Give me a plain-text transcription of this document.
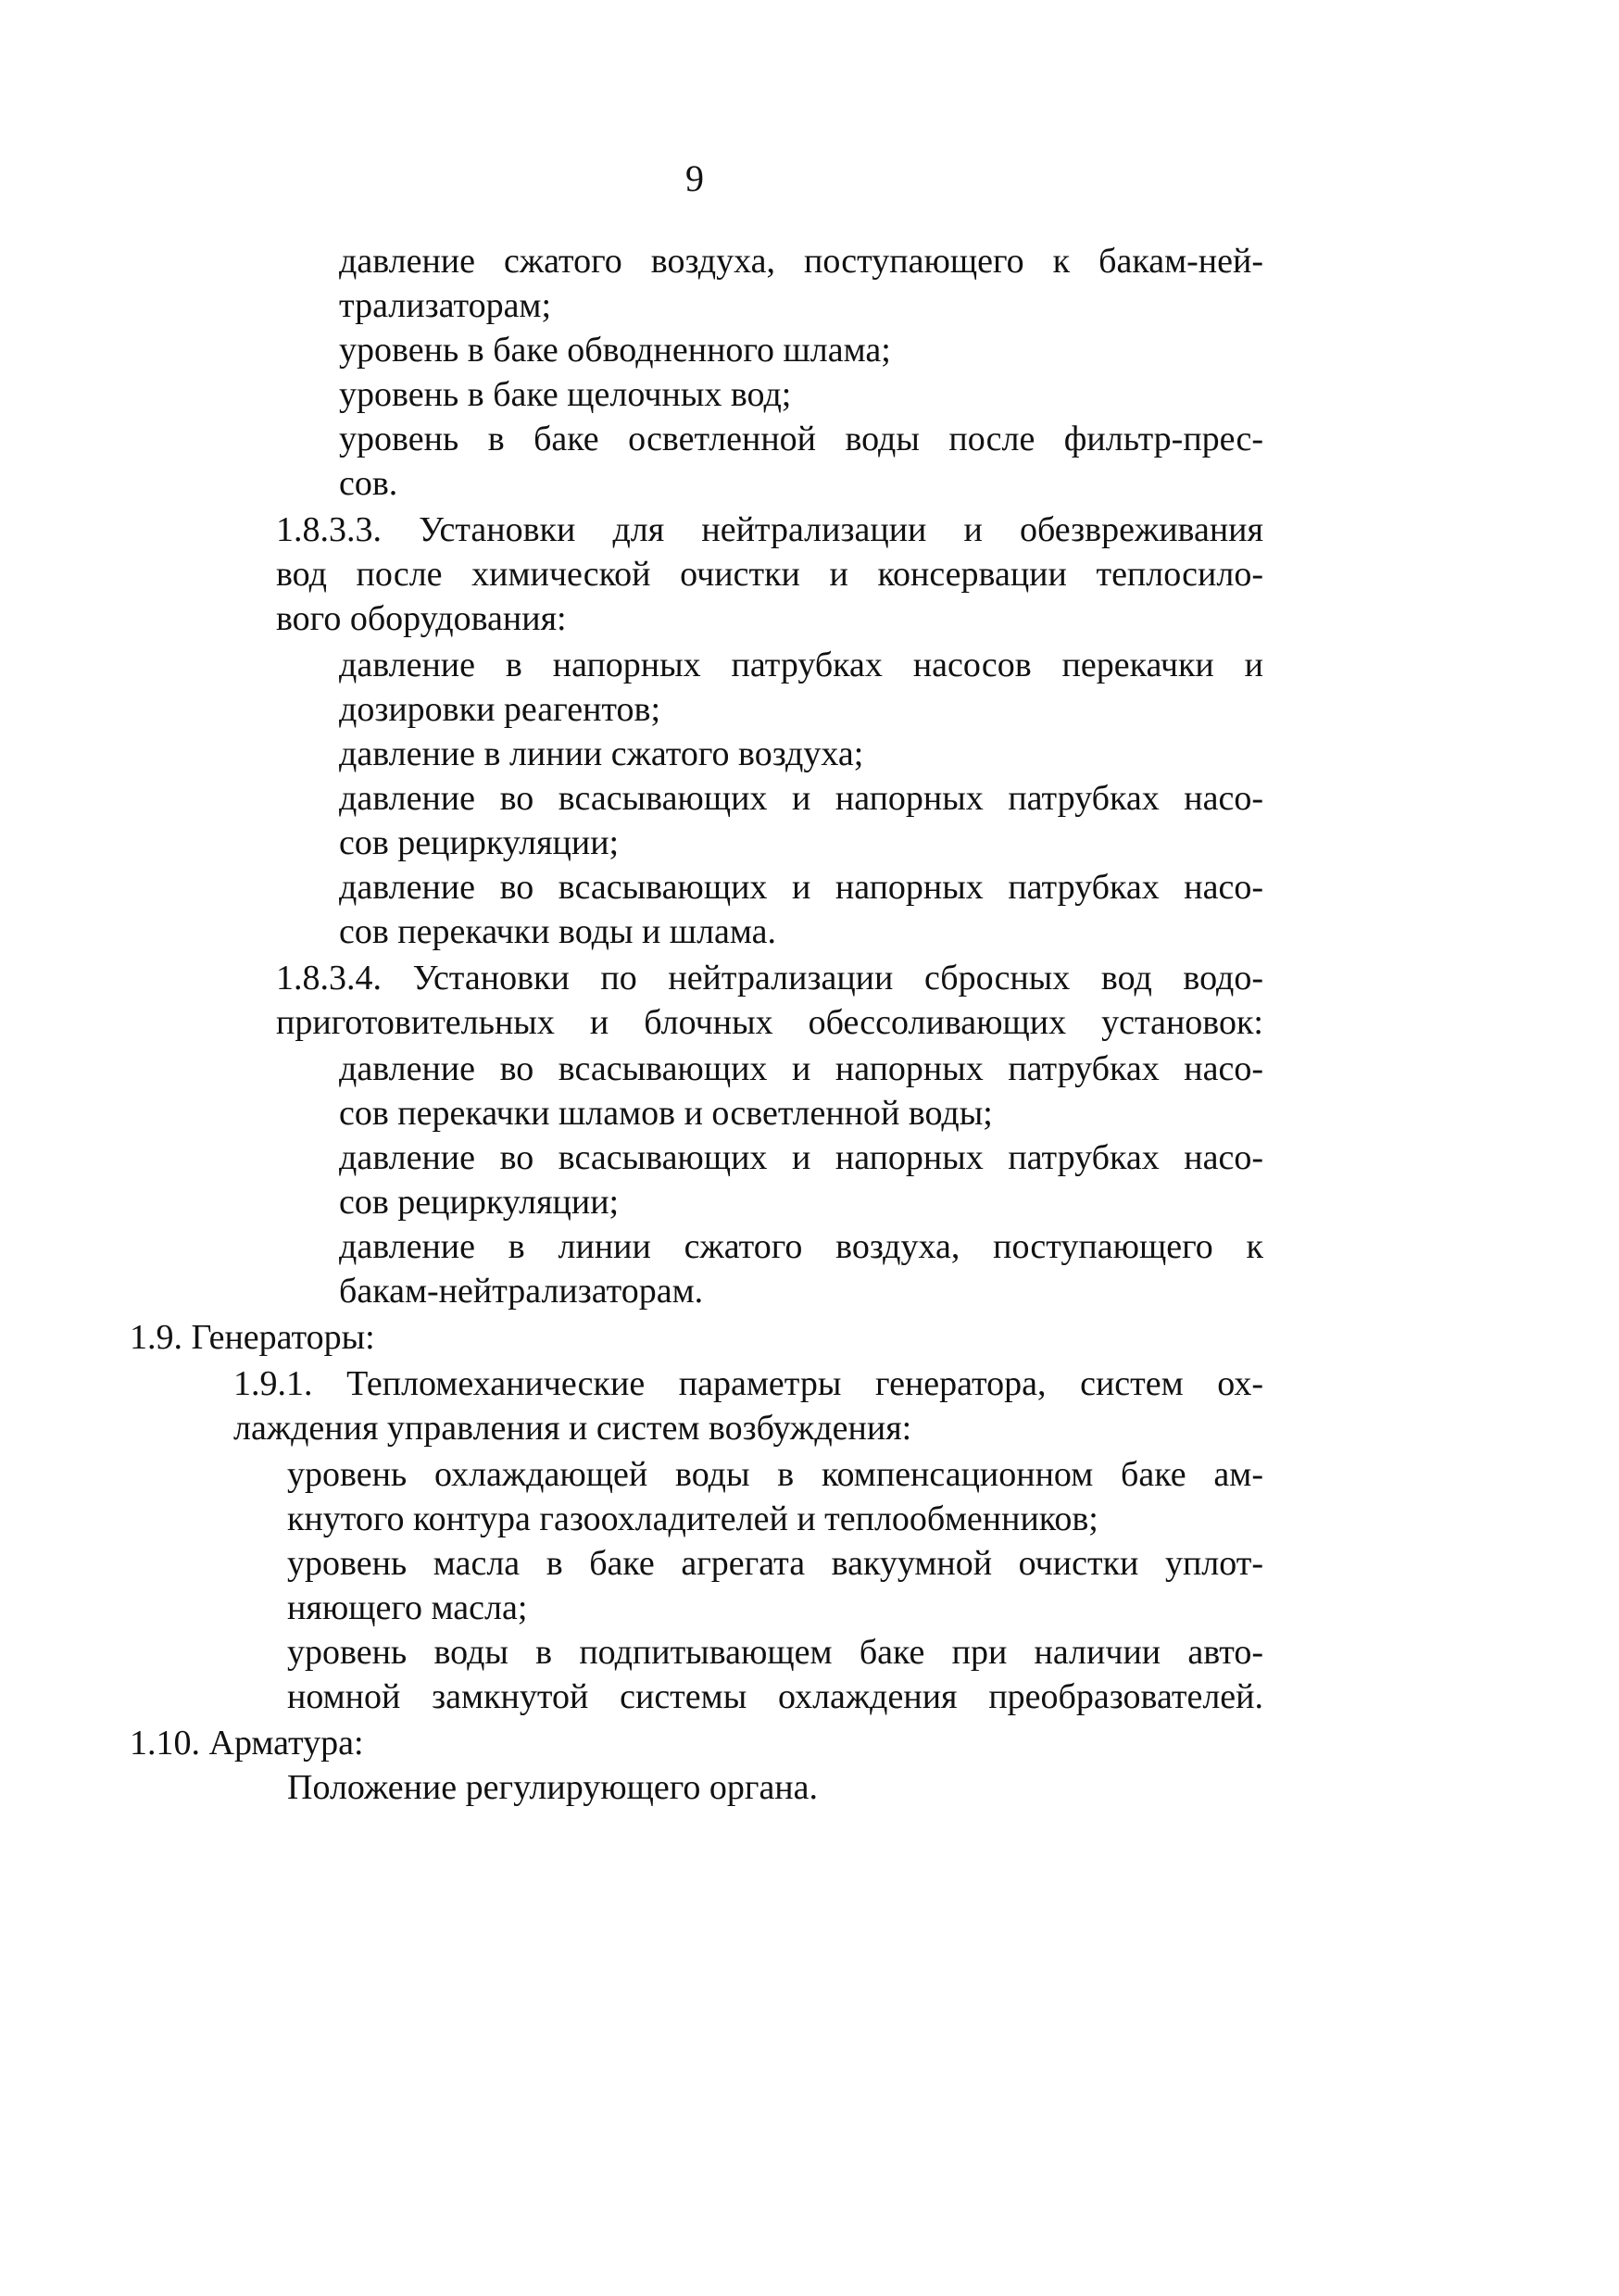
9
давление сжатого воздуха, поступающего к бакам-ней-
трализаторам;
уровень в баке обводненного шлама;
уровень в баке щелочных вод;
уровень в баке осветленной воды после фильтр-прес-
сов.
1.8.3.3. Установки для нейтрализации и обезвреживания
вод после химической очистки и консервации теплосило-
вого оборудования:
давление в напорных патрубках насосов перекачки и
дозировки реагентов;
давление в линии сжатого воздуха;
давление во всасывающих и напорных патрубках насо-
сов рециркуляции;
давление во всасывающих и напорных патрубках насо-
сов перекачки воды и шлама.
1.8.3.4. Установки по нейтрализации сбросных вод водо-
приготовительных и блочных обессоливающих установок:
давление во всасывающих и напорных патрубках насо-
сов перекачки шламов и осветленной воды;
давление во всасывающих и напорных патрубках насо-
сов рециркуляции;
давление в линии сжатого воздуха, поступающего к
бакам-нейтрализаторам.
1.9. Генераторы:
1.9.1. Тепломеханические параметры генератора, систем ох-
лаждения управления и систем возбуждения:
уровень охлаждающей воды в компенсационном баке ам-
кнутого контура газоохладителей и теплообменников;
уровень масла в баке агрегата вакуумной очистки уплот-
няющего масла;
уровень воды в подпитывающем баке при наличии авто-
номной замкнутой системы охлаждения преобразователей.
1.10. Арматура:
Положение регулирующего органа.
